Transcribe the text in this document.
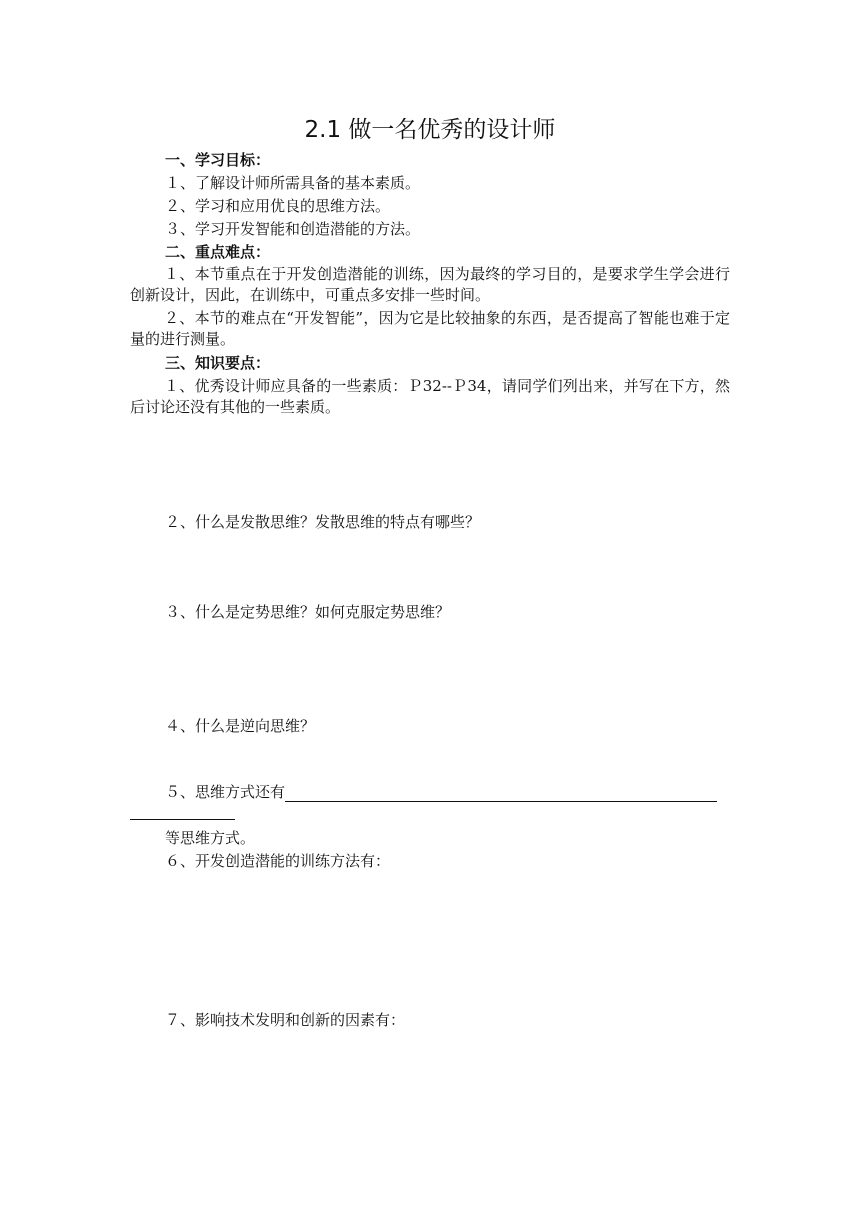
2.1 做一名优秀的设计师
一、学习目标：
１、了解设计师所需具备的基本素质。
２、学习和应用优良的思维方法。
３、学习开发智能和创造潜能的方法。
二、重点难点：
１、本节重点在于开发创造潜能的训练，因为最终的学习目的，是要求学生学会进行创新设计，因此，在训练中，可重点多安排一些时间。
２、本节的难点在“开发智能”，因为它是比较抽象的东西，是否提高了智能也难于定量的进行测量。
三、知识要点：
１、优秀设计师应具备的一些素质：Ｐ32--Ｐ34，请同学们列出来，并写在下方，然后讨论还没有其他的一些素质。
２、什么是发散思维？发散思维的特点有哪些？
３、什么是定势思维？如何克服定势思维？
４、什么是逆向思维？
５、思维方式还有
等思维方式。
６、开发创造潜能的训练方法有：
７、影响技术发明和创新的因素有：
